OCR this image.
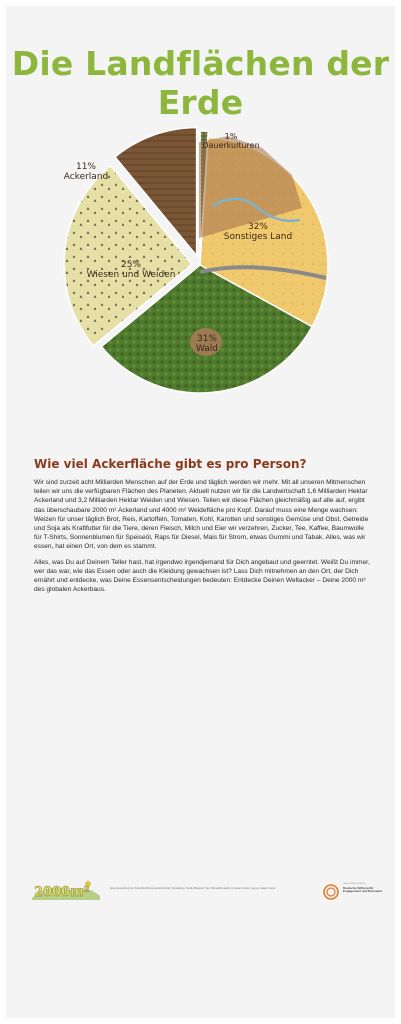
Die Landflächen der Erde
1% Dauerkulturen
32%
Sonstiges Land
31%
Wald
25%
Wiesen und Weiden
11%
Ackerland
Wie viel Ackerfläche gibt es pro Person?

Wir sind zurzeit acht Milliarden Menschen auf der Erde und täglich werden wir mehr. Mit all unseren Mitmenschen teilen wir uns die verfügbaren Flächen des Planeten. Aktuell nutzen wir für die Landwirtschaft 1,6 Milliarden Hektar Ackerland und 3,2 Milliarden Hektar Weiden und Wiesen. Teilen wir diese Flächen gleichmäßig auf alle auf, ergibt das überschaubare 2000 m² Ackerland und 4000 m² Weidefläche pro Kopf. Darauf muss eine Menge wachsen: Weizen für unser täglich Brot, Reis, Kartoffeln, Tomaten, Kohl, Karotten und sonstiges Gemüse und Obst, Getreide und Soja als Kraftfutter für die Tiere, deren Fleisch, Milch und Eier wir verzehren, Zucker, Tee, Kaffee, Baumwolle für T-Shirts, Sonnenblumen für Speiseöl, Raps für Diesel, Mais für Strom, etwas Gummi und Tabak. Alles, was wir essen, hat einen Ort, von dem es stammt.

Alles, was Du auf Deinem Teller hast, hat irgendwo irgendjemand für Dich angebaut und geerntet. Weißt Du immer, wer das war, wie das Essen oder auch die Kleidung gewachsen ist? Lass Dich mitnehmen an den Ort, der Dich ernährt und entdecke, was Deine Essensentscheidungen bedeuten: Entdecke Deinen Weltacker – Deine 2000 m² des globalen Ackerbaus.

2000m²	Eine Ausstellung der Zukunftsstiftung Landwirtschaft | Gestaltung: Studio Beispiel | Text: Benedikt Haerlin & Jasper Grote | Layout: Jasper Grote
GEFÖRDERT DURCH
Deutsche Stiftung für Engagement und Ehrenamt
